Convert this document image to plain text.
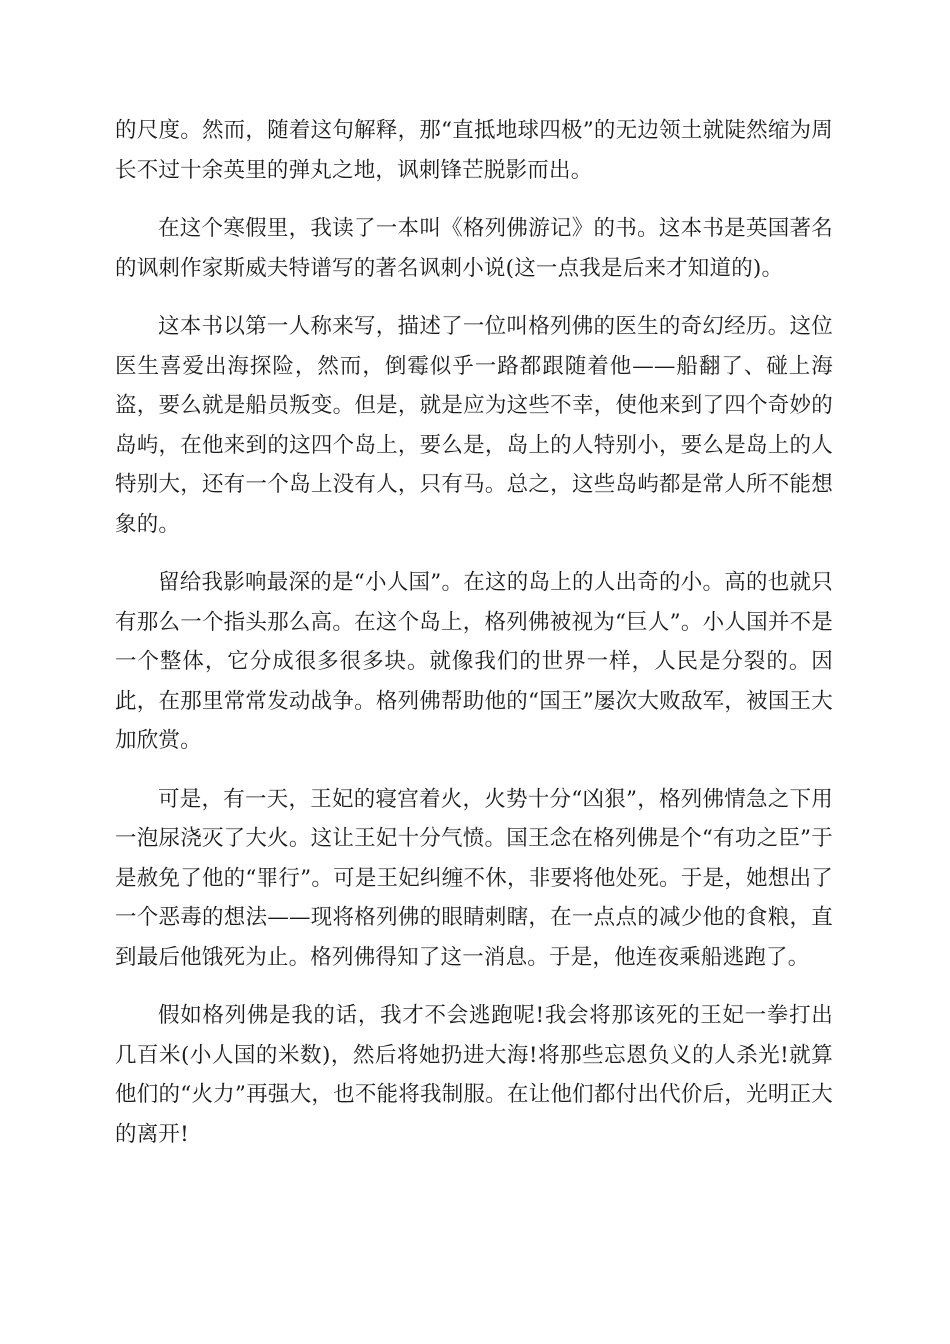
的尺度。然而，随着这句解释，那“直抵地球四极”的无边领土就陡然缩为周长不过十余英里的弹丸之地，讽刺锋芒脱影而出。

在这个寒假里，我读了一本叫《格列佛游记》的书。这本书是英国著名的讽刺作家斯威夫特谱写的著名讽刺小说(这一点我是后来才知道的)。

这本书以第一人称来写，描述了一位叫格列佛的医生的奇幻经历。这位医生喜爱出海探险，然而，倒霉似乎一路都跟随着他——船翻了、碰上海盗，要么就是船员叛变。但是，就是应为这些不幸，使他来到了四个奇妙的岛屿，在他来到的这四个岛上，要么是，岛上的人特别小，要么是岛上的人特别大，还有一个岛上没有人，只有马。总之，这些岛屿都是常人所不能想象的。

留给我影响最深的是“小人国”。在这的岛上的人出奇的小。高的也就只有那么一个指头那么高。在这个岛上，格列佛被视为“巨人”。小人国并不是一个整体，它分成很多很多块。就像我们的世界一样，人民是分裂的。因此，在那里常常发动战争。格列佛帮助他的“国王”屡次大败敌军，被国王大加欣赏。

可是，有一天，王妃的寝宫着火，火势十分“凶狠”，格列佛情急之下用一泡尿浇灭了大火。这让王妃十分气愤。国王念在格列佛是个“有功之臣”于是赦免了他的“罪行”。可是王妃纠缠不休，非要将他处死。于是，她想出了一个恶毒的想法——现将格列佛的眼睛刺瞎，在一点点的减少他的食粮，直到最后他饿死为止。格列佛得知了这一消息。于是，他连夜乘船逃跑了。

假如格列佛是我的话，我才不会逃跑呢!我会将那该死的王妃一拳打出几百米(小人国的米数)，然后将她扔进大海!将那些忘恩负义的人杀光!就算他们的“火力”再强大，也不能将我制服。在让他们都付出代价后，光明正大的离开!
